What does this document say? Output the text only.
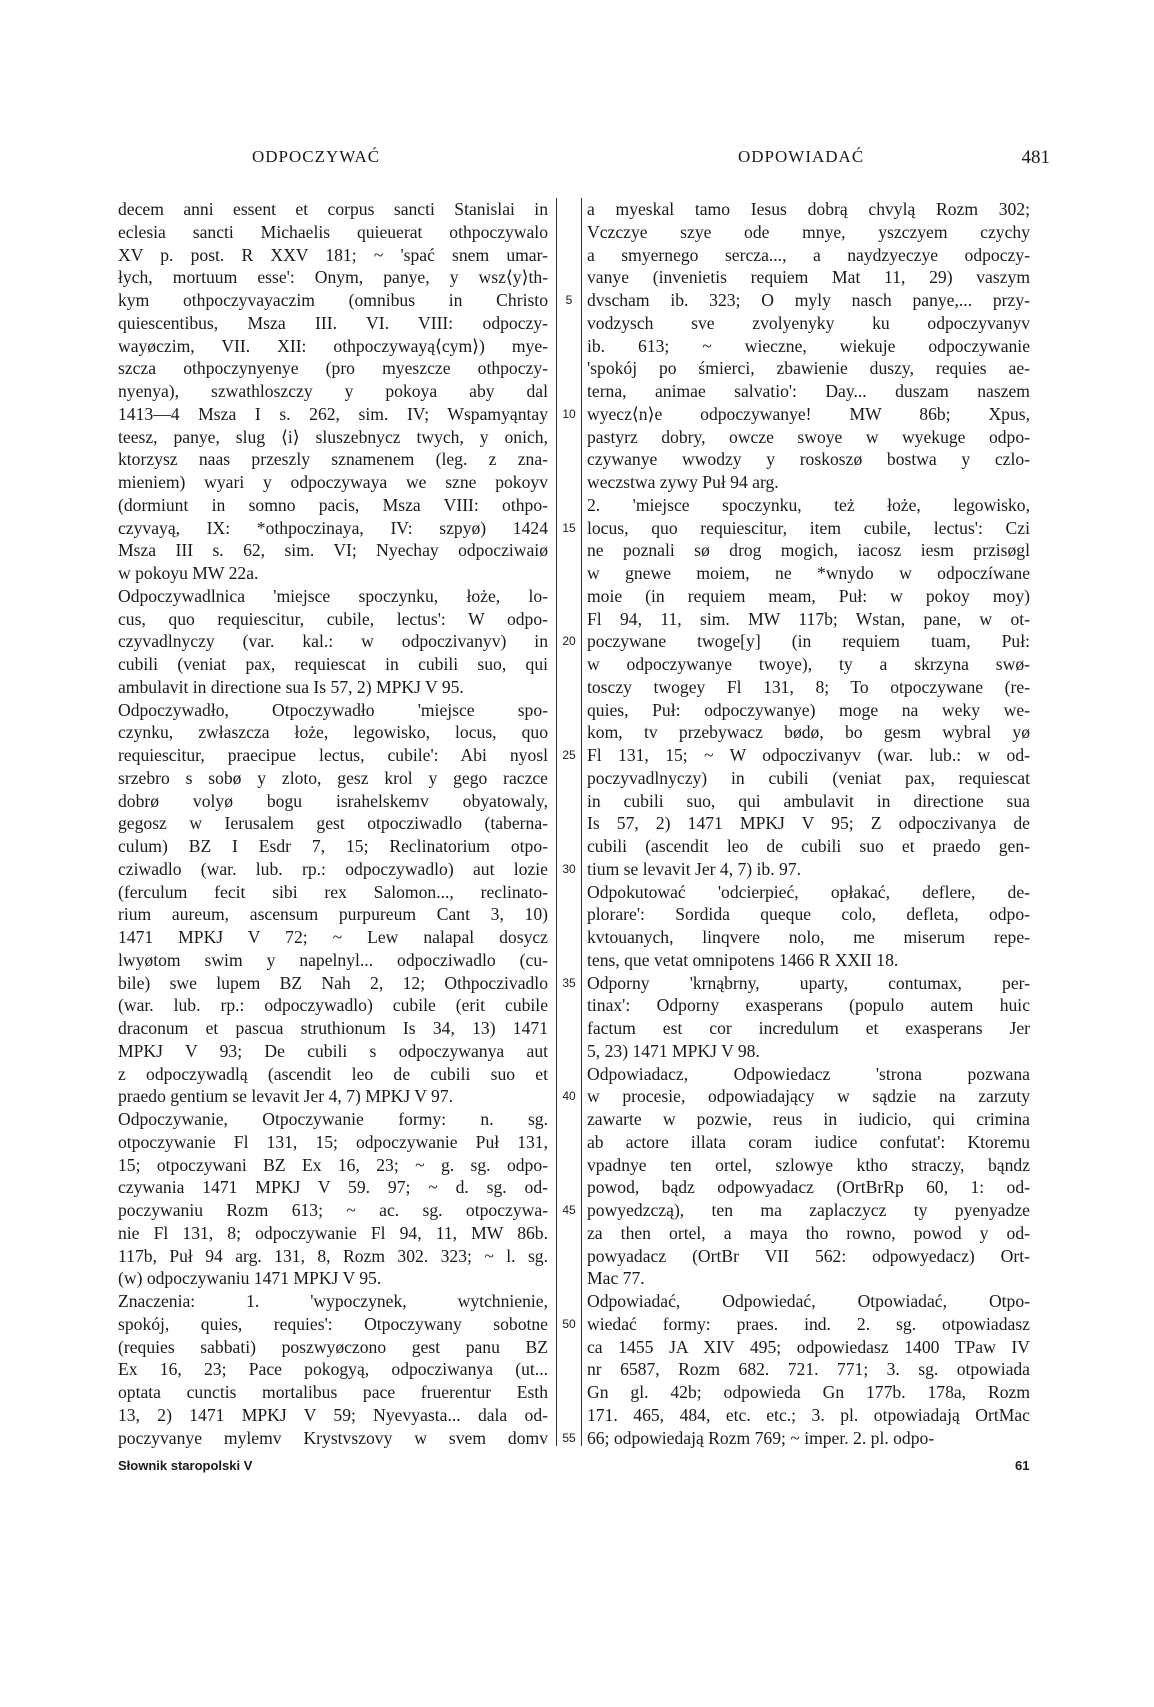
ODPOCZYWAĆ	ODPOWIADAĆ	481
decem anni essent et corpus sancti Stanislai in
eclesia sancti Michaelis quieuerat othpoczywalo
XV p. post. R XXV 181; ~ 'spać snem umar-
łych, mortuum esse': Onym, panye, y wsz⟨y⟩th-
kym othpoczyvayaczim (omnibus in Christo
quiescentibus, Msza III. VI. VIII: odpoczy-
wayøczim, VII. XII: othpoczywayą⟨cym⟩) mye-
szcza othpoczynyenye (pro myeszcze othpoczy-
nyenya), szwathloszczy y pokoya aby dal
1413—4 Msza I s. 262, sim. IV; Wspamyąntay
teesz, panye, slug ⟨i⟩ sluszebnycz twych, y onich,
ktorzysz naas przeszly sznamenem (leg. z zna-
mieniem) wyari y odpoczywaya we szne pokoyv
(dormiunt in somno pacis, Msza VIII: othpo-
czyvayą, IX: *othpoczinaya, IV: szpyø) 1424
Msza III s. 62, sim. VI; Nyechay odpocziwaiø
w pokoyu MW 22a.
Odpoczywadlnica 'miejsce spoczynku, łoże, lo-
cus, quo requiescitur, cubile, lectus': W odpo-
czyvadlnyczy (var. kal.: w odpoczivanyv) in
cubili (veniat pax, requiescat in cubili suo, qui
ambulavit in directione sua Is 57, 2) MPKJ V 95.
Odpoczywadło, Otpoczywadło 'miejsce spo-
czynku, zwłaszcza łoże, legowisko, locus, quo
requiescitur, praecipue lectus, cubile': Abi nyosl
srzebro s sobø y zloto, gesz krol y gego raczce
dobrø volyø bogu israhelskemv obyatowaly,
gegosz w Ierusalem gest otpocziwadlo (taberna-
culum) BZ I Esdr 7, 15; Reclinatorium otpo-
cziwadlo (war. lub. rp.: odpoczywadlo) aut lozie
(ferculum fecit sibi rex Salomon..., reclinato-
rium aureum, ascensum purpureum Cant 3, 10)
1471 MPKJ V 72; ~ Lew nalapal dosycz
lwyøtom swim y napelnyl... odpocziwadlo (cu-
bile) swe lupem BZ Nah 2, 12; Othpoczivadlo
(war. lub. rp.: odpoczywadlo) cubile (erit cubile
draconum et pascua struthionum Is 34, 13) 1471
MPKJ V 93; De cubili s odpoczywanya aut
z odpoczywadlą (ascendit leo de cubili suo et
praedo gentium se levavit Jer 4, 7) MPKJ V 97.
Odpoczywanie, Otpoczywanie formy: n. sg.
otpoczywanie Fl 131, 15; odpoczywanie Puł 131,
15; otpoczywani BZ Ex 16, 23; ~ g. sg. odpo-
czywania 1471 MPKJ V 59. 97; ~ d. sg. od-
poczywaniu Rozm 613; ~ ac. sg. otpoczywa-
nie Fl 131, 8; odpoczywanie Fl 94, 11, MW 86b.
117b, Puł 94 arg. 131, 8, Rozm 302. 323; ~ l. sg.
(w) odpoczywaniu 1471 MPKJ V 95.
Znaczenia: 1. 'wypoczynek, wytchnienie,
spokój, quies, requies': Otpoczywany sobotne
(requies sabbati) poszwyøczono gest panu BZ
Ex 16, 23; Pace pokogyą, odpocziwanya (ut...
optata cunctis mortalibus pace fruerentur Esth
13, 2) 1471 MPKJ V 59; Nyevyasta... dala od-
poczyvanye mylemv Krystvszovy w svem domv
5
10
15
20
25
30
35
40
45
50
55
a myeskal tamo Iesus dobrą chvylą Rozm 302;
Vczczye szye ode mnye, yszczyem czychy
a smyernego sercza..., a naydzyeczye odpoczy-
vanye (invenietis requiem Mat 11, 29) vaszym
dvscham ib. 323; O myly nasch panye,... przy-
vodzysch sve zvolyenyky ku odpoczyvanyv
ib. 613; ~ wieczne, wiekuje odpoczywanie
'spokój po śmierci, zbawienie duszy, requies ae-
terna, animae salvatio': Day... duszam naszem
wyecz⟨n⟩e odpoczywanye! MW 86b; Xpus,
pastyrz dobry, owcze swoye w wyekuge odpo-
czywanye wwodzy y roskoszø bostwa y czlo-
weczstwa zywy Puł 94 arg.
2. 'miejsce spoczynku, też łoże, legowisko,
locus, quo requiescitur, item cubile, lectus': Czi
ne poznali sø drog mogich, iacosz iesm przisøgl
w gnewe moiem, ne *wnydo w odpoczíwane
moie (in requiem meam, Puł: w pokoy moy)
Fl 94, 11, sim. MW 117b; Wstan, pane, w ot-
poczywane twoge[y] (in requiem tuam, Puł:
w odpoczywanye twoye), ty a skrzyna swø-
tosczy twogey Fl 131, 8; To otpoczywane (re-
quies, Puł: odpoczywanye) moge na weky we-
kom, tv przebywacz bødø, bo gesm wybral yø
Fl 131, 15; ~ W odpoczivanyv (war. lub.: w od-
poczyvadlnyczy) in cubili (veniat pax, requiescat
in cubili suo, qui ambulavit in directione sua
Is 57, 2) 1471 MPKJ V 95; Z odpoczivanya de
cubili (ascendit leo de cubili suo et praedo gen-
tium se levavit Jer 4, 7) ib. 97.
Odpokutować 'odcierpieć, opłakać, deflere, de-
plorare': Sordida queque colo, defleta, odpo-
kvtouanych, linqvere nolo, me miserum repe-
tens, que vetat omnipotens 1466 R XXII 18.
Odporny 'krnąbrny, uparty, contumax, per-
tinax': Odporny exasperans (populo autem huic
factum est cor incredulum et exasperans Jer
5, 23) 1471 MPKJ V 98.
Odpowiadacz, Odpowiedacz 'strona pozwana
w procesie, odpowiadający w sądzie na zarzuty
zawarte w pozwie, reus in iudicio, qui crimina
ab actore illata coram iudice confutat': Ktoremu
vpadnye ten ortel, szlowye ktho straczy, bąndz
powod, bądz odpowyadacz (OrtBrRp 60, 1: od-
powyedzczą), ten ma zaplaczycz ty pyenyadze
za then ortel, a maya tho rowno, powod y od-
powyadacz (OrtBr VII 562: odpowyedacz) Ort-
Mac 77.
Odpowiadać, Odpowiedać, Otpowiadać, Otpo-
wiedać formy: praes. ind. 2. sg. otpowiadasz
ca 1455 JA XIV 495; odpowiedasz 1400 TPaw IV
nr 6587, Rozm 682. 721. 771; 3. sg. otpowiada
Gn gl. 42b; odpowieda Gn 177b. 178a, Rozm
171. 465, 484, etc. etc.; 3. pl. otpowiadają OrtMac
66; odpowiedają Rozm 769; ~ imper. 2. pl. odpo-
Słownik staropolski V	61
